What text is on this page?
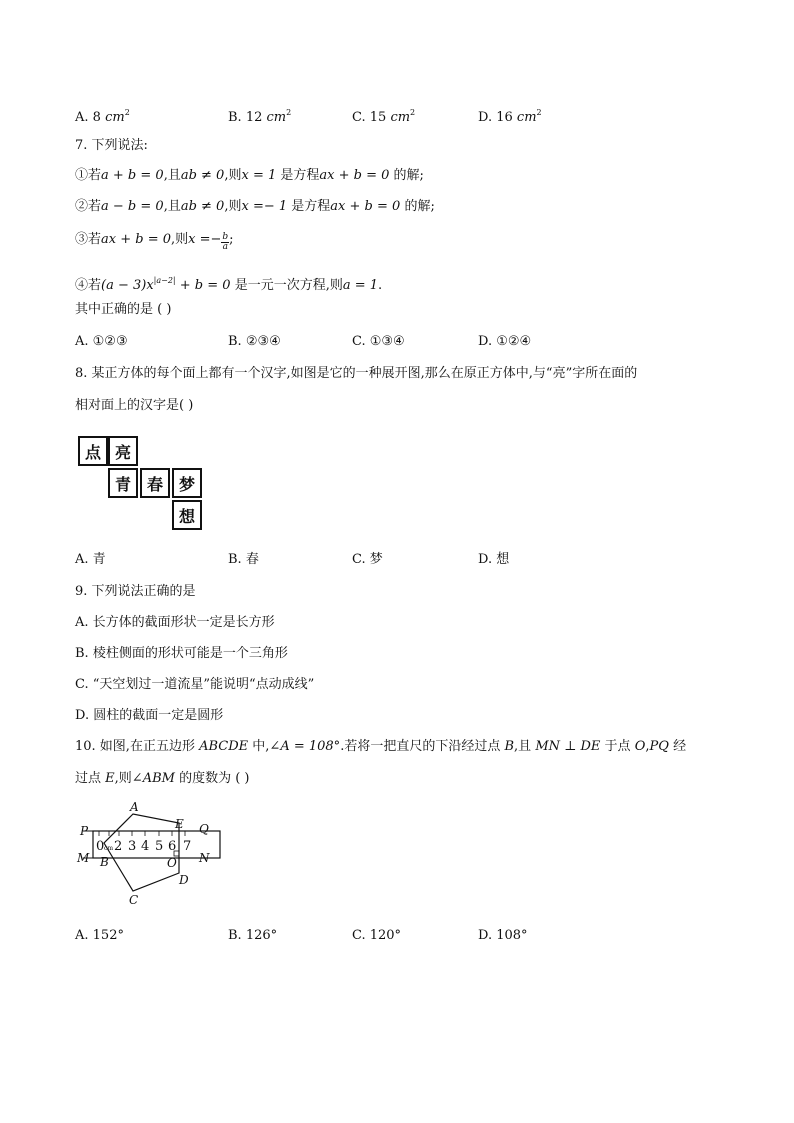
A. 8 $cm^2$	B. 12 $cm^2$	C. 15 $cm^2$	D. 16 $cm^2$
7. 下列说法:
①若a + b = 0,且ab ≠ 0,则x = 1 是方程ax + b = 0 的解;
②若a − b = 0,且ab ≠ 0,则x =− 1 是方程ax + b = 0 的解;
③若ax + b = 0,则$x =- \frac{b}{a}$ ;
④若$(a - 3)x^{|a-2|} + b = 0$ 是一元一次方程,则a = 1.
其中正确的是 ( )
A. ①②③	B. ②③④	C. ①③④	D. ①②④
8. 某正方体的每个面上都有一个汉字,如图是它的一种展开图,那么在原正方体中,与“亮”字所在面的
相对面上的汉字是( )
点 亮
青 春 梦
想
A. 青	B. 春	C. 梦	D. 想
9. 下列说法正确的是
A. 长方体的截面形状一定是长方形
B. 棱柱侧面的形状可能是一个三角形
C. “天空划过一道流星”能说明“点动成线”
D. 圆柱的截面一定是圆形
10. 如图,在正五边形 ABCDE 中,∠A = 108°.若将一把直尺的下沿经过点 B,且 MN ⊥ DE 于点 O,PQ 经
过点 E,则∠ABM 的度数为 ( )
0 cm 2 3 4 5 6 7
A
B
C
D
E
O
P	Q
M	N
A. 152°	B. 126°	C. 120°	D. 108°
